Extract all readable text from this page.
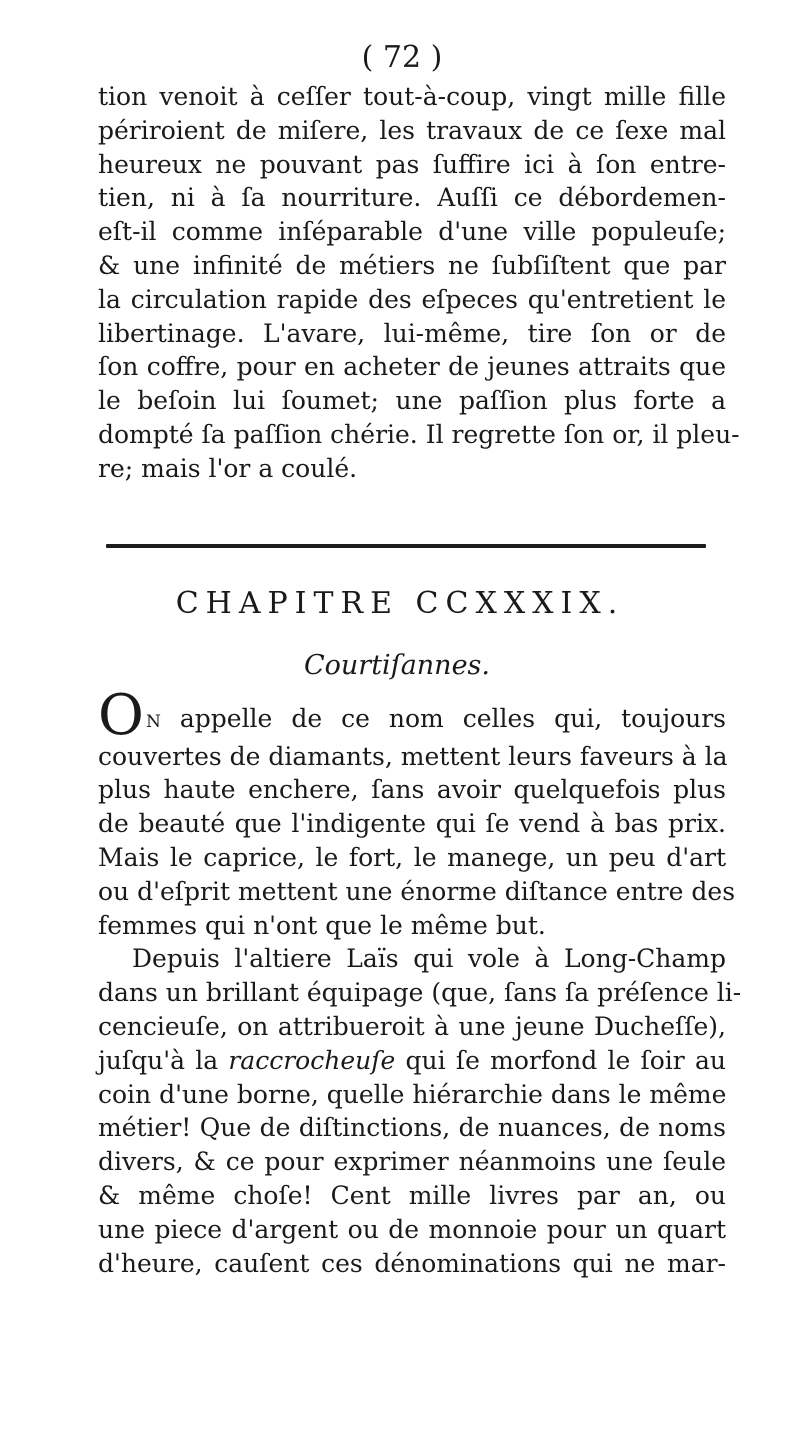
( 72 )
tion venoit à ceſſer tout-à-coup, vingt mille fille
périroient de miſere, les travaux de ce ſexe mal
heureux ne pouvant pas ſuffire ici à ſon entre-
tien, ni à ſa nourriture. Auſſi ce débordemen-
eſt-il comme inſéparable d'une ville populeuſe;
& une infinité de métiers ne ſubſiſtent que par
la circulation rapide des eſpeces qu'entretient le
libertinage. L'avare, lui-même, tire ſon or de
ſon coffre, pour en acheter de jeunes attraits que
le beſoin lui ſoumet; une paſſion plus forte a
dompté ſa paſſion chérie. Il regrette ſon or, il pleu-
re; mais l'or a coulé.
CHAPITRE CCXXXIX.
Courtiſannes.
O N appelle de ce nom celles qui, toujours
couvertes de diamants, mettent leurs faveurs à la
plus haute enchere, ſans avoir quelquefois plus
de beauté que l'indigente qui ſe vend à bas prix.
Mais le caprice, le fort, le manege, un peu d'art
ou d'eſprit mettent une énorme diſtance entre des
femmes qui n'ont que le même but.
Depuis l'altiere Laïs qui vole à Long-Champ
dans un brillant équipage (que, ſans ſa préſence li-
cencieuſe, on attribueroit à une jeune Ducheſſe),
juſqu'à la raccrocheuſe qui ſe morfond le ſoir au
coin d'une borne, quelle hiérarchie dans le même
métier! Que de diſtinctions, de nuances, de noms
divers, & ce pour exprimer néanmoins une ſeule
& même choſe! Cent mille livres par an, ou
une piece d'argent ou de monnoie pour un quart
d'heure, cauſent ces dénominations qui ne mar-
